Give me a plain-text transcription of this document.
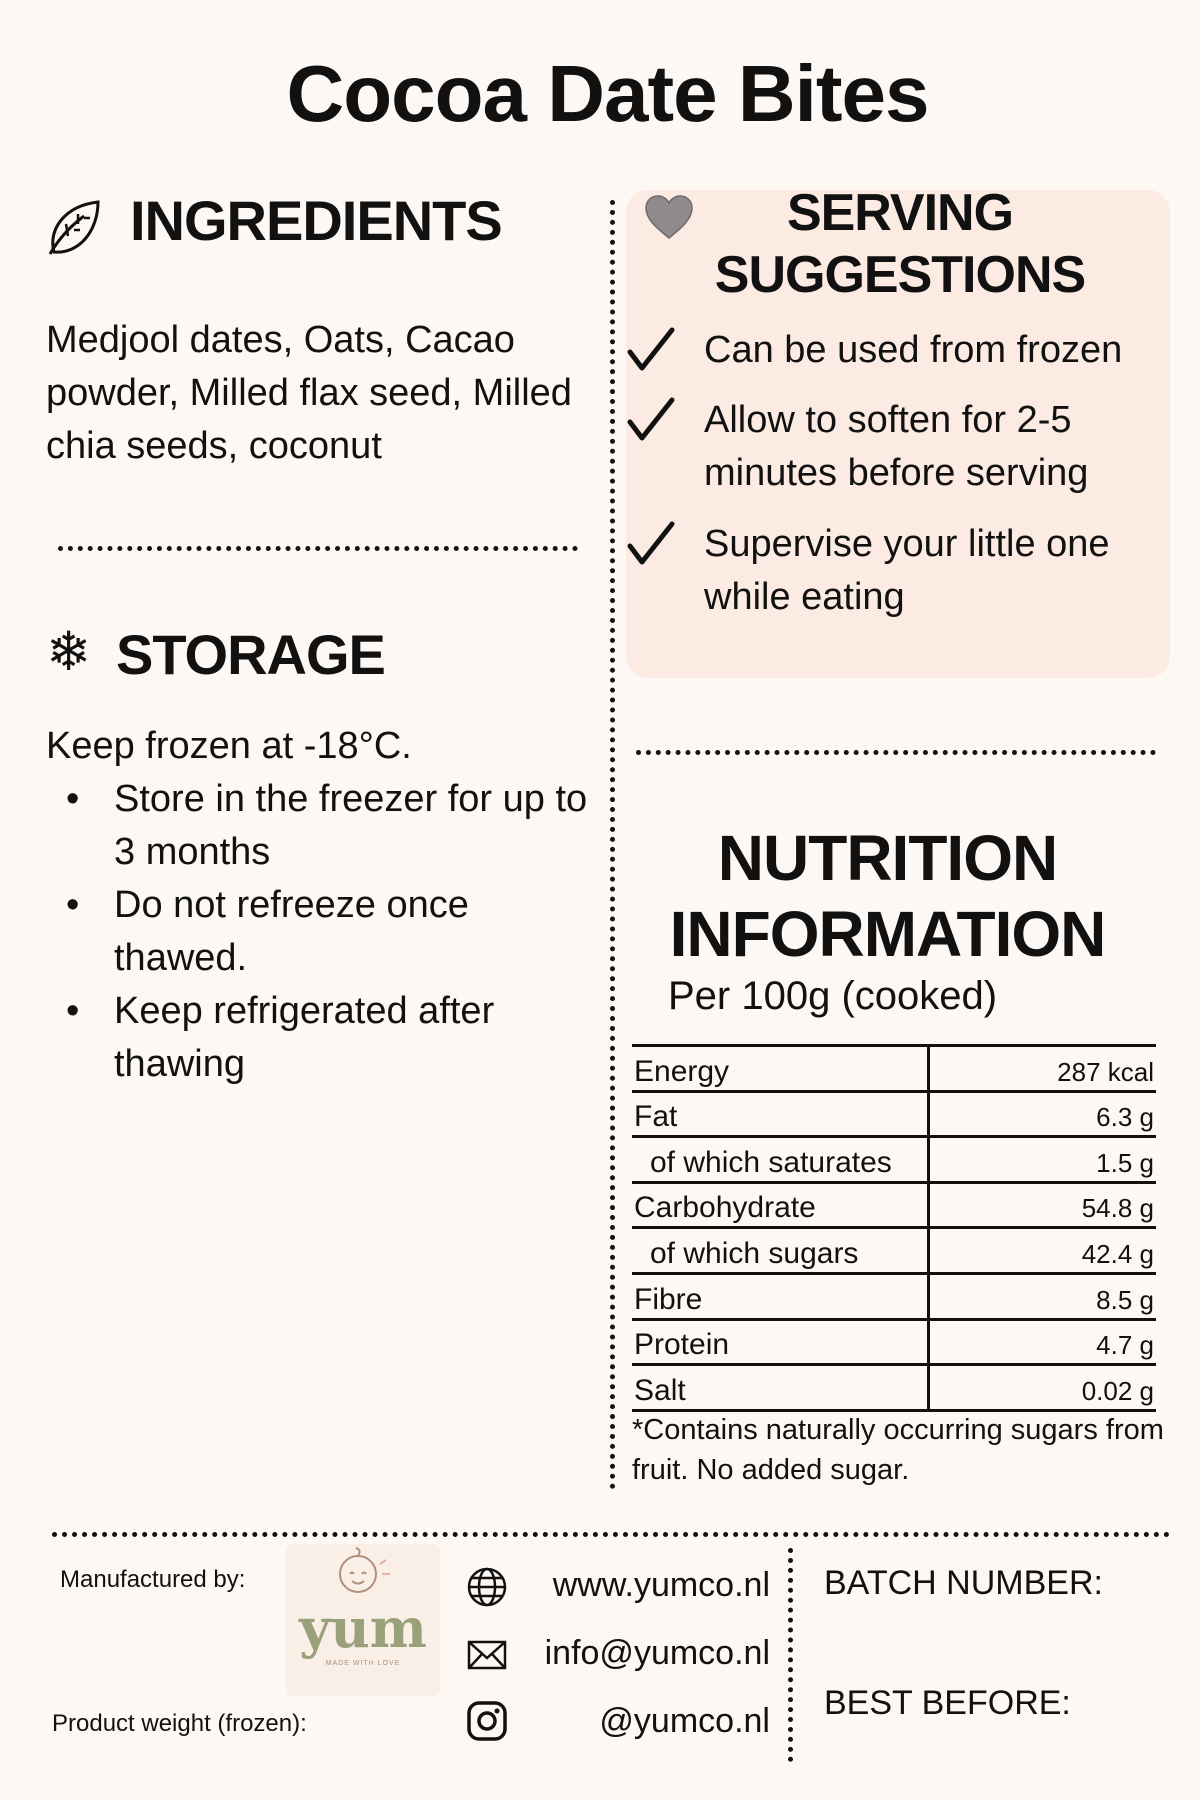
Cocoa Date Bites
INGREDIENTS
Medjool dates, Oats, Cacao powder, Milled flax seed, Milled chia seeds, coconut
❄ STORAGE
Keep frozen at -18°C.
• Store in the freezer for up to 3 months
• Do not refreeze once thawed.
• Keep refrigerated after thawing
SERVING SUGGESTIONS
Can be used from frozen
Allow to soften for 2-5 minutes before serving
Supervise your little one while eating
NUTRITION INFORMATION
Per 100g (cooked)
Energy	287 kcal
Fat	6.3 g
of which saturates	1.5 g
Carbohydrate	54.8 g
of which sugars	42.4 g
Fibre	8.5 g
Protein	4.7 g
Salt	0.02 g
*Contains naturally occurring sugars from fruit. No added sugar.
Manufactured by:
Product weight (frozen):
yum
MADE WITH LOVE
www.yumco.nl
info@yumco.nl
@yumco.nl
BATCH NUMBER:
BEST BEFORE:
